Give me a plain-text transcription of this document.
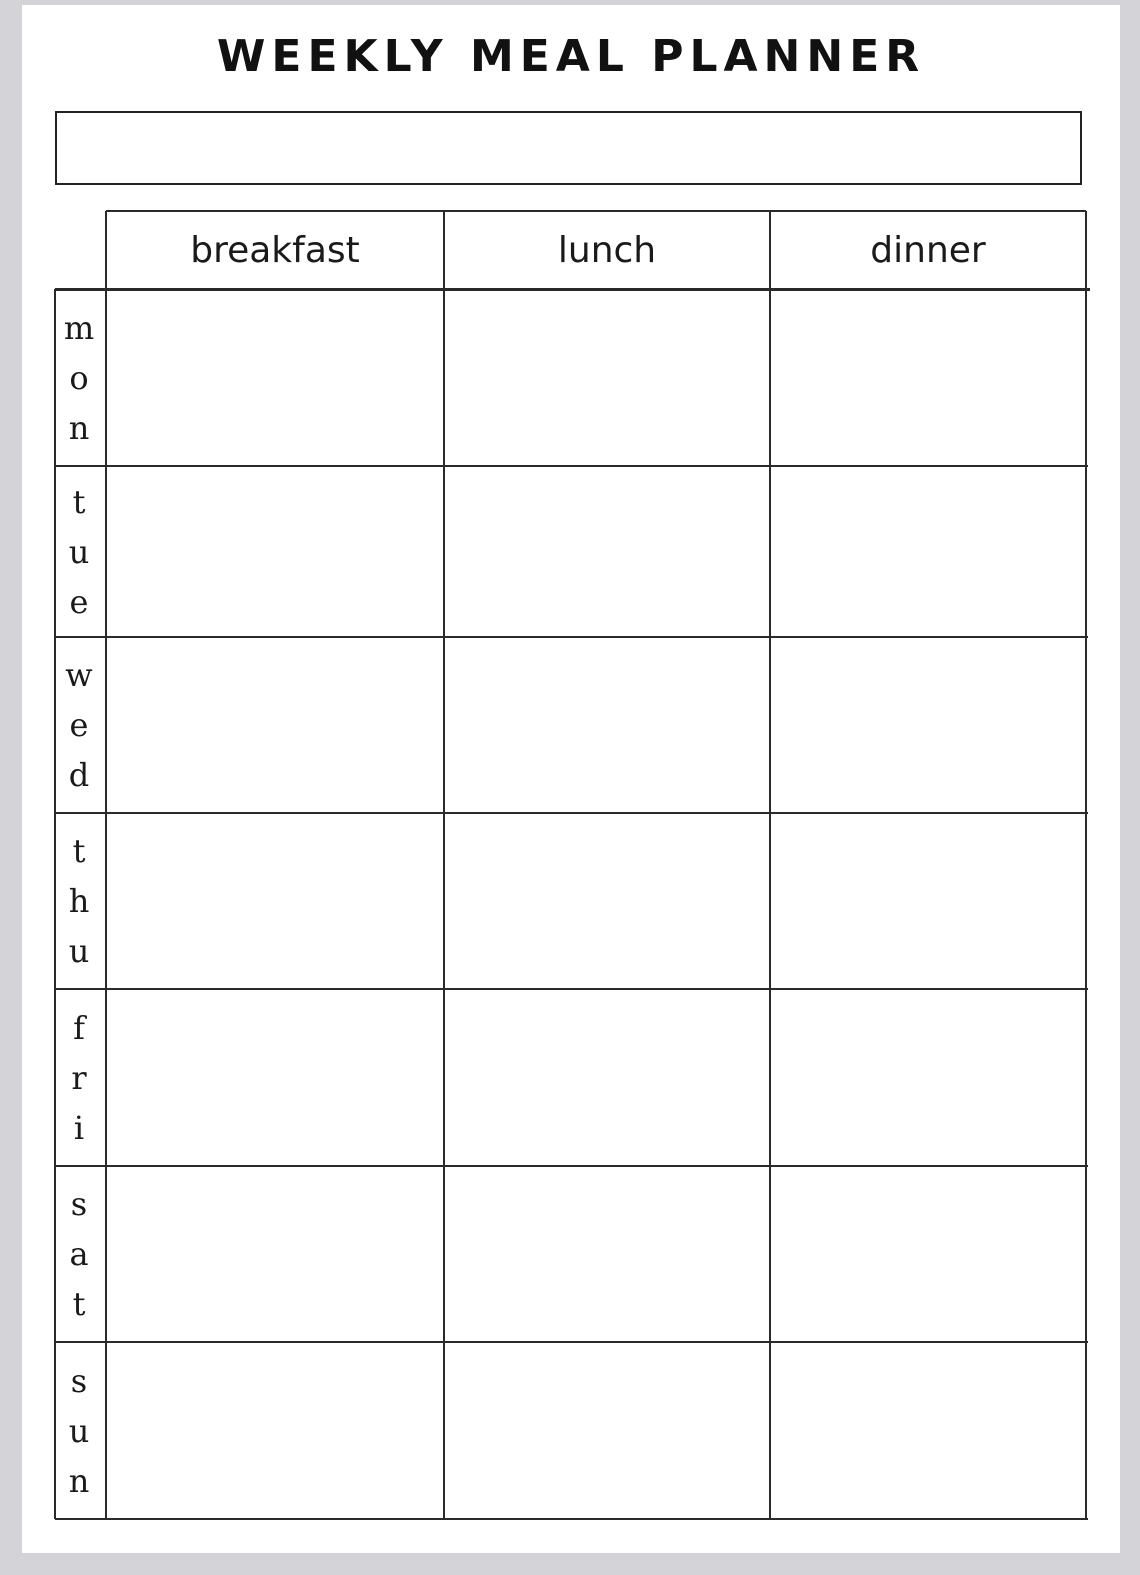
WEEKLY MEAL PLANNER
breakfast	lunch	dinner
m
o
n
t
u
e
w
e
d
t
h
u
f
r
i
s
a
t
s
u
n
